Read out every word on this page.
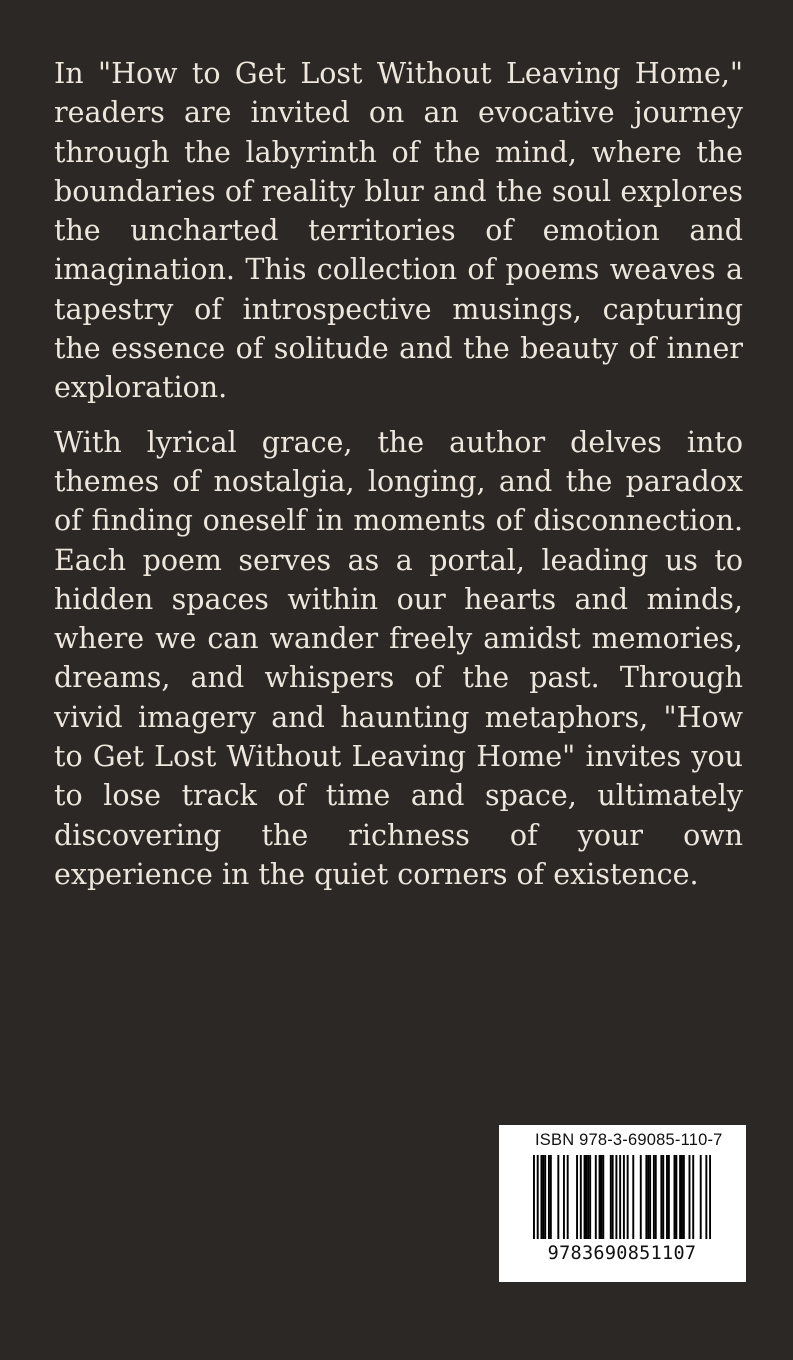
In "How to Get Lost Without Leaving Home," readers are invited on an evocative journey through the labyrinth of the mind, where the boundaries of reality blur and the soul explores the uncharted territories of emotion and imagination. This collection of poems weaves a tapestry of introspective musings, capturing the essence of solitude and the beauty of inner exploration.

With lyrical grace, the author delves into themes of nostalgia, longing, and the paradox of finding oneself in moments of disconnection. Each poem serves as a portal, leading us to hidden spaces within our hearts and minds, where we can wander freely amidst memories, dreams, and whispers of the past. Through vivid imagery and haunting metaphors, "How to Get Lost Without Leaving Home" invites you to lose track of time and space, ultimately discovering the richness of your own experience in the quiet corners of existence.

ISBN 978-3-69085-110-7
9783690851107
